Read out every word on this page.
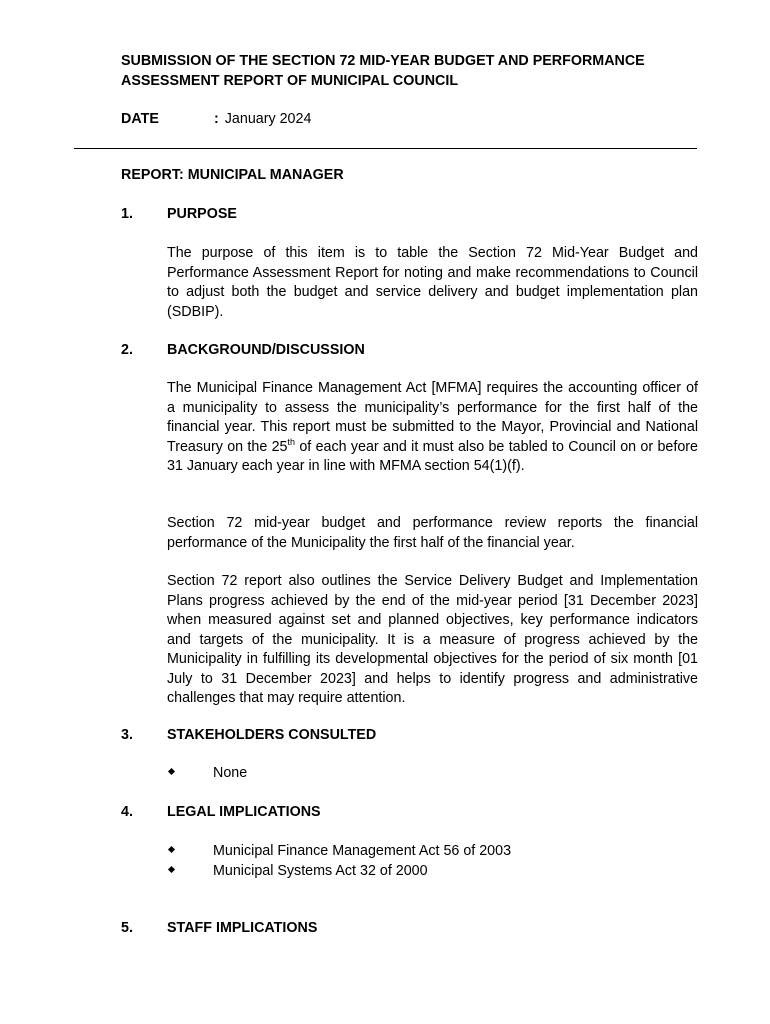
SUBMISSION OF THE SECTION 72 MID-YEAR BUDGET AND PERFORMANCE ASSESSMENT REPORT OF MUNICIPAL COUNCIL
DATE	: January 2024
REPORT: MUNICIPAL MANAGER
1. PURPOSE
The purpose of this item is to table the Section 72 Mid-Year Budget and Performance Assessment Report for noting and make recommendations to Council to adjust both the budget and service delivery and budget implementation plan (SDBIP).
2. BACKGROUND/DISCUSSION
The Municipal Finance Management Act [MFMA] requires the accounting officer of a municipality to assess the municipality’s performance for the first half of the financial year. This report must be submitted to the Mayor, Provincial and National Treasury on the 25th of each year and it must also be tabled to Council on or before 31 January each year in line with MFMA section 54(1)(f).
Section 72 mid-year budget and performance review reports the financial performance of the Municipality the first half of the financial year.
Section 72 report also outlines the Service Delivery Budget and Implementation Plans progress achieved by the end of the mid-year period [31 December 2023] when measured against set and planned objectives, key performance indicators and targets of the municipality. It is a measure of progress achieved by the Municipality in fulfilling its developmental objectives for the period of six month [01 July to 31 December 2023] and helps to identify progress and administrative challenges that may require attention.
3. STAKEHOLDERS CONSULTED
None
4. LEGAL IMPLICATIONS
Municipal Finance Management Act 56 of 2003
Municipal Systems Act 32 of 2000
5. STAFF IMPLICATIONS
